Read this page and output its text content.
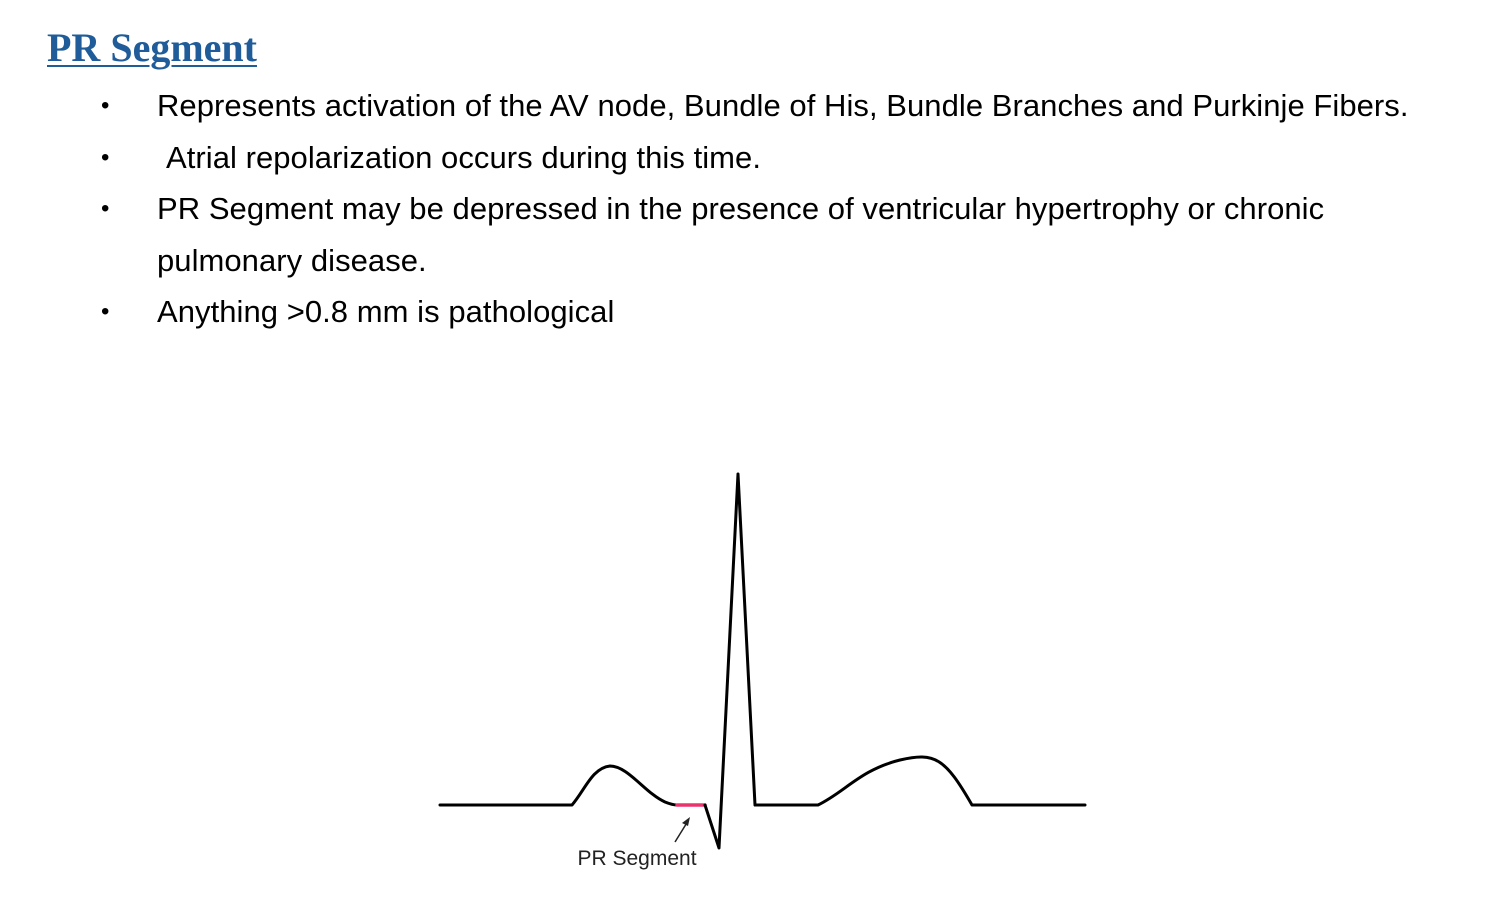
PR Segment
• Represents activation of the AV node, Bundle of His, Bundle Branches and Purkinje Fibers.
• Atrial repolarization occurs during this time.
• PR Segment may be depressed in the presence of ventricular hypertrophy or chronic pulmonary disease.
• Anything >0.8 mm is pathological
PR Segment
